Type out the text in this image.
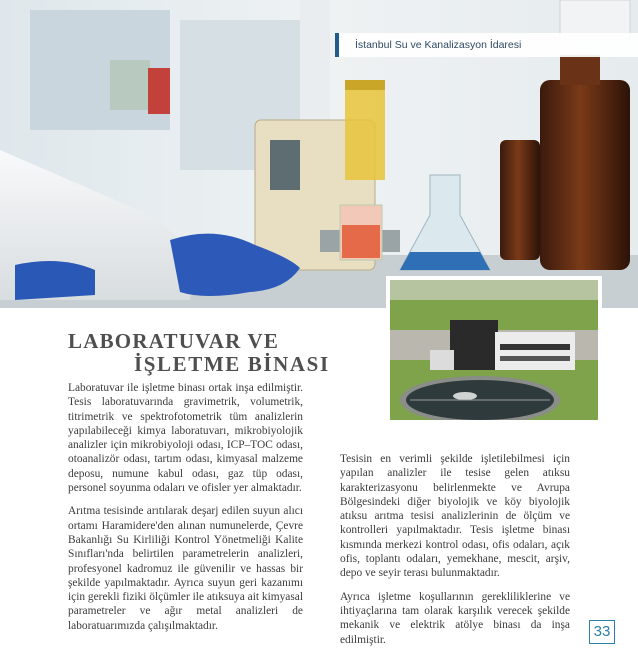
İstanbul Su ve Kanalizasyon İdaresi
LABORATUVAR VE
İŞLETME BİNASI

Laboratuvar ile işletme binası ortak inşa edilmiştir. Tesis laboratuvarında gravimetrik, volumetrik, titrimetrik ve spektrofotometrik tüm analizlerin yapılabileceği kimya laboratuvarı, mikrobiyolojik analizler için mikrobiyoloji odası, ICP–TOC odası, otoanalizör odası, tartım odası, kimyasal malzeme deposu, numune kabul odası, gaz tüp odası, personel soyunma odaları ve ofisler yer almaktadır.

Arıtma tesisinde arıtılarak deşarj edilen suyun alıcı ortamı Haramidere'den alınan numunelerde, Çevre Bakanlığı Su Kirliliği Kontrol Yönetmeliği Kalite Sınıfları'nda belirtilen parametrelerin analizleri, profesyonel kadromuz ile güvenilir ve hassas bir şekilde yapılmaktadır. Ayrıca suyun geri kazanımı için gerekli fiziki ölçümler ile atıksuya ait kimyasal parametreler ve ağır metal analizleri de laboratuarımızda çalışılmaktadır.

Tesisin en verimli şekilde işletilebilmesi için yapılan analizler ile tesise gelen atıksu karakterizasyonu belirlenmekte ve Avrupa Bölgesindeki diğer biyolojik ve köy biyolojik atıksu arıtma tesisi analizlerinin de ölçüm ve kontrolleri yapılmaktadır. Tesis işletme binası kısmında merkezi kontrol odası, ofis odaları, açık ofis, toplantı odaları, yemekhane, mescit, arşiv, depo ve seyir terası bulunmaktadır.

Ayrıca işletme koşullarının gerekliliklerine ve ihtiyaçlarına tam olarak karşılık verecek şekilde mekanik ve elektrik atölye binası da inşa edilmiştir.	33
